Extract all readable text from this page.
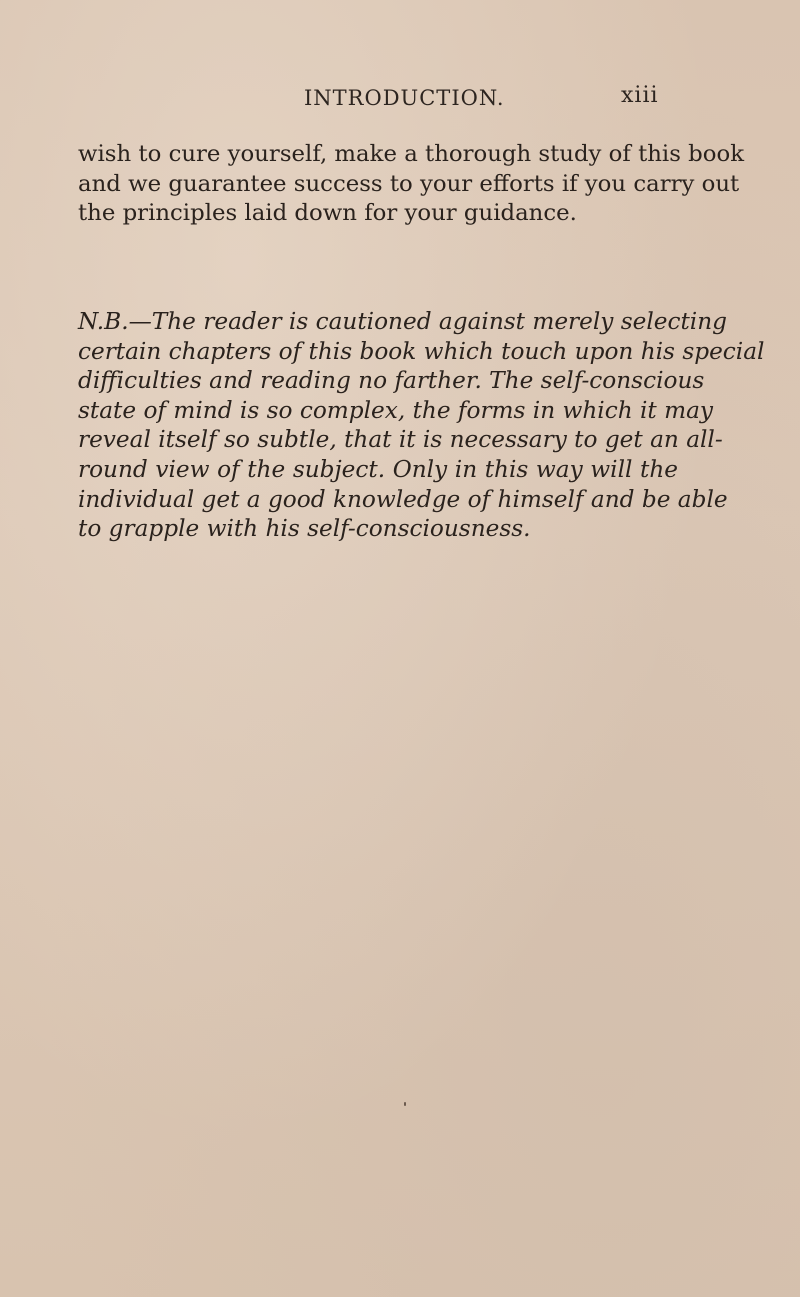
INTRODUCTION.	xiii
wish to cure yourself, make a thorough study of this book
and we guarantee success to your efforts if you carry out
the principles laid down for your guidance.
N.B.—The reader is cautioned against merely selecting
certain chapters of this book which touch upon his special
difficulties and reading no farther. The self-conscious
state of mind is so complex, the forms in which it may
reveal itself so subtle, that it is necessary to get an all-
round view of the subject. Only in this way will the
individual get a good knowledge of himself and be able
to grapple with his self-consciousness.
